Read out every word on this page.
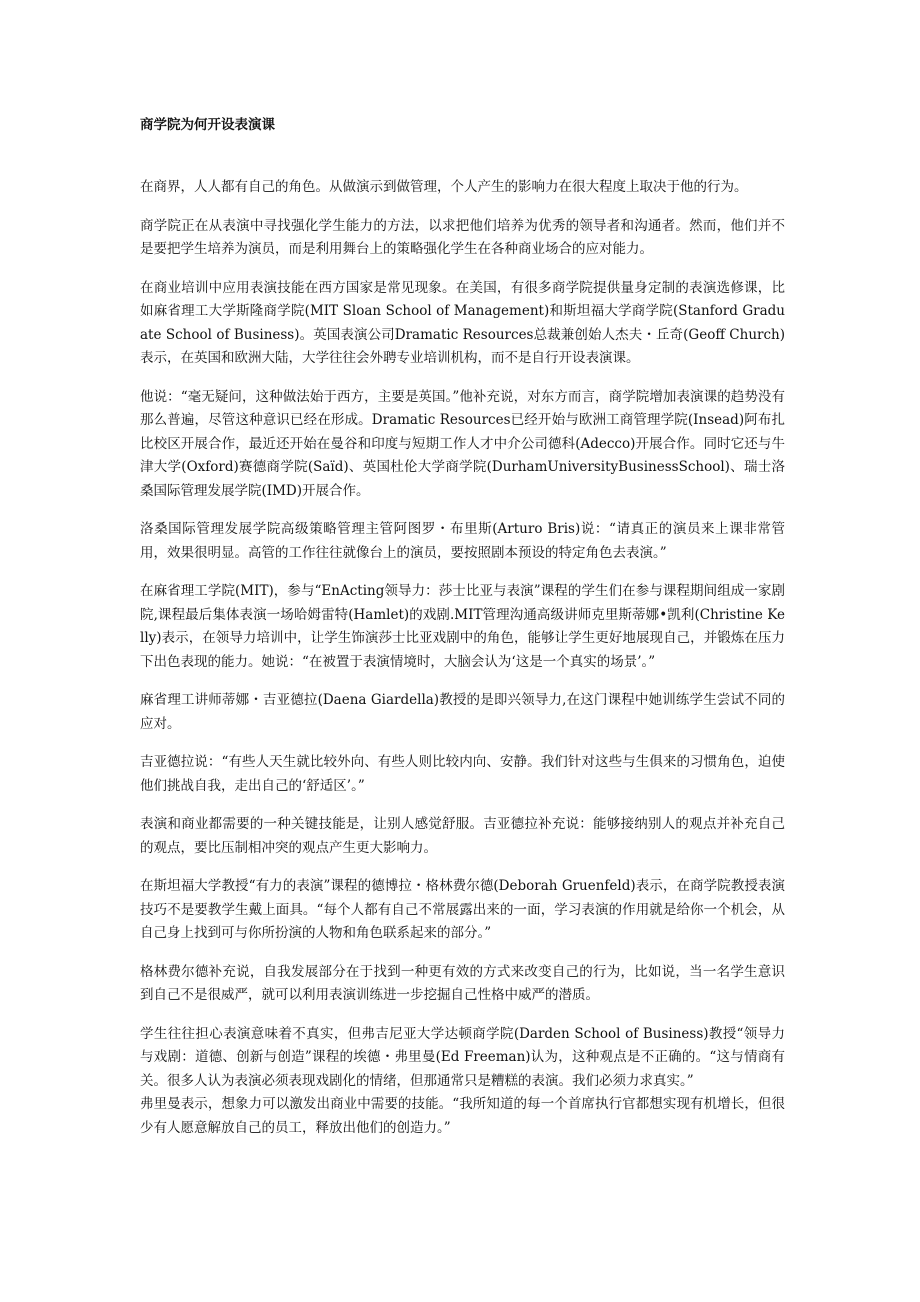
商学院为何开设表演课

在商界，人人都有自己的角色。从做演示到做管理，个人产生的影响力在很大程度上取决于他的行为。

商学院正在从表演中寻找强化学生能力的方法，以求把他们培养为优秀的领导者和沟通者。然而，他们并不是要把学生培养为演员，而是利用舞台上的策略强化学生在各种商业场合的应对能力。

在商业培训中应用表演技能在西方国家是常见现象。在美国，有很多商学院提供量身定制的表演选修课，比如麻省理工大学斯隆商学院(MIT Sloan School of Management)和斯坦福大学商学院(Stanford Graduate School of Business)。英国表演公司Dramatic Resources总裁兼创始人杰夫・丘奇(Geoff Church)表示，在英国和欧洲大陆，大学往往会外聘专业培训机构，而不是自行开设表演课。

他说：“毫无疑问，这种做法始于西方，主要是英国。”他补充说，对东方而言，商学院增加表演课的趋势没有那么普遍，尽管这种意识已经在形成。Dramatic Resources已经开始与欧洲工商管理学院(Insead)阿布扎比校区开展合作，最近还开始在曼谷和印度与短期工作人才中介公司德科(Adecco)开展合作。同时它还与牛津大学(Oxford)赛德商学院(Saïd)、英国杜伦大学商学院(DurhamUniversityBusinessSchool)、瑞士洛桑国际管理发展学院(IMD)开展合作。

洛桑国际管理发展学院高级策略管理主管阿图罗・布里斯(Arturo Bris)说：“请真正的演员来上课非常管用，效果很明显。高管的工作往往就像台上的演员，要按照剧本预设的特定角色去表演。”

在麻省理工学院(MIT)，参与“EnActing领导力：莎士比亚与表演”课程的学生们在参与课程期间组成一家剧院,课程最后集体表演一场哈姆雷特(Hamlet)的戏剧.MIT管理沟通高级讲师克里斯蒂娜•凯利(Christine Kelly)表示，在领导力培训中，让学生饰演莎士比亚戏剧中的角色，能够让学生更好地展现自己，并锻炼在压力下出色表现的能力。她说：“在被置于表演情境时，大脑会认为‘这是一个真实的场景’。”

麻省理工讲师蒂娜・吉亚德拉(Daena Giardella)教授的是即兴领导力,在这门课程中她训练学生尝试不同的应对。

吉亚德拉说：“有些人天生就比较外向、有些人则比较内向、安静。我们针对这些与生俱来的习惯角色，迫使他们挑战自我，走出自己的‘舒适区’。”

表演和商业都需要的一种关键技能是，让别人感觉舒服。吉亚德拉补充说：能够接纳别人的观点并补充自己的观点，要比压制相冲突的观点产生更大影响力。

在斯坦福大学教授“有力的表演”课程的德博拉・格林费尔德(Deborah Gruenfeld)表示，在商学院教授表演技巧不是要教学生戴上面具。“每个人都有自己不常展露出来的一面，学习表演的作用就是给你一个机会，从自己身上找到可与你所扮演的人物和角色联系起来的部分。”

格林费尔德补充说，自我发展部分在于找到一种更有效的方式来改变自己的行为，比如说，当一名学生意识到自己不是很威严，就可以利用表演训练进一步挖掘自己性格中威严的潜质。

学生往往担心表演意味着不真实，但弗吉尼亚大学达顿商学院(Darden School of Business)教授“领导力与戏剧：道德、创新与创造”课程的埃德・弗里曼(Ed Freeman)认为，这种观点是不正确的。“这与情商有关。很多人认为表演必须表现戏剧化的情绪，但那通常只是糟糕的表演。我们必须力求真实。”

弗里曼表示，想象力可以激发出商业中需要的技能。“我所知道的每一个首席执行官都想实现有机增长，但很少有人愿意解放自己的员工，释放出他们的创造力。”
